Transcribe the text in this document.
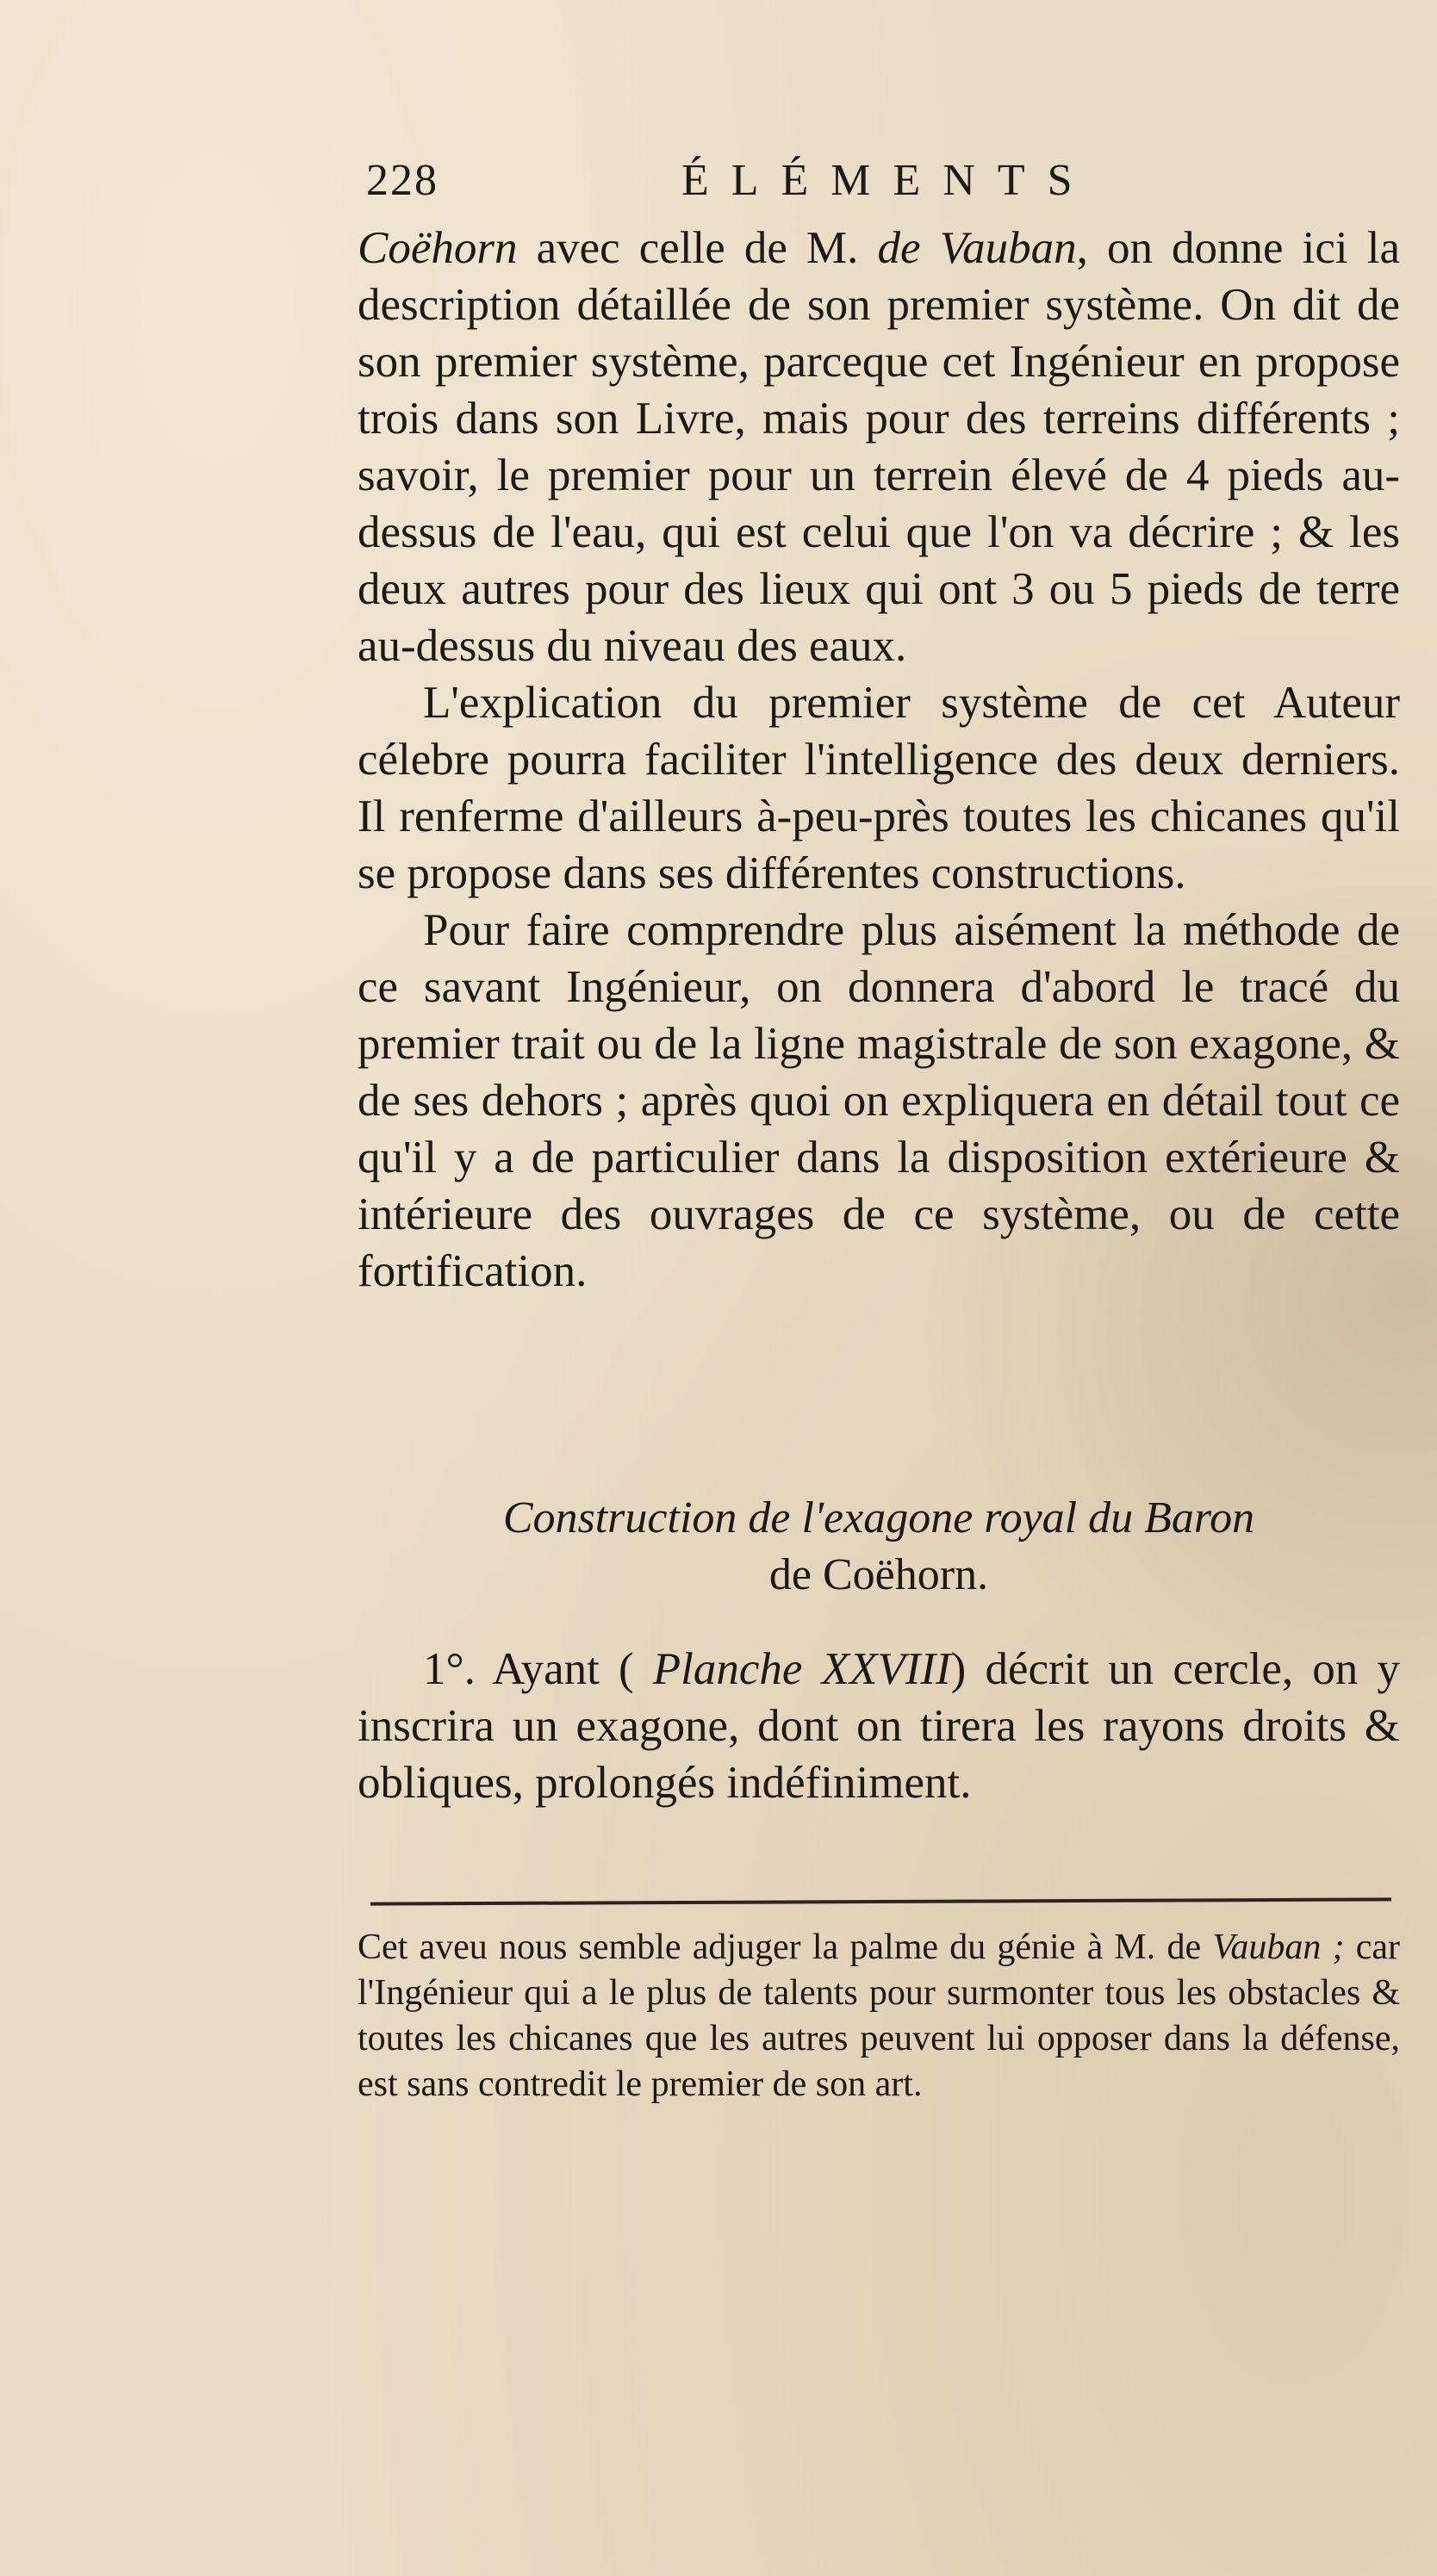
228	ÉLÉMENTS

Coëhorn avec celle de M. de Vauban, on donne ici la description détaillée de son premier système. On dit de son premier système, parceque cet Ingénieur en propose trois dans son Livre, mais pour des terreins différents ; savoir, le premier pour un terrein élevé de 4 pieds au-dessus de l'eau, qui est celui que l'on va décrire ; & les deux autres pour des lieux qui ont 3 ou 5 pieds de terre au-dessus du niveau des eaux.

L'explication du premier système de cet Auteur célebre pourra faciliter l'intelligence des deux derniers. Il renferme d'ailleurs à-peu-près toutes les chicanes qu'il se propose dans ses différentes constructions.

Pour faire comprendre plus aisément la méthode de ce savant Ingénieur, on donnera d'abord le tracé du premier trait ou de la ligne magistrale de son exagone, & de ses dehors ; après quoi on expliquera en détail tout ce qu'il y a de particulier dans la disposition extérieure & intérieure des ouvrages de ce système, ou de cette fortification.

Construction de l'exagone royal du Baron
de Coëhorn.

1°. Ayant ( Planche XXVIII) décrit un cercle, on y inscrira un exagone, dont on tirera les rayons droits & obliques, prolongés indéfiniment.

Cet aveu nous semble adjuger la palme du génie à M. de Vauban ; car l'Ingénieur qui a le plus de talents pour surmonter tous les obstacles & toutes les chicanes que les autres peuvent lui opposer dans la défense, est sans contredit le premier de son art.
